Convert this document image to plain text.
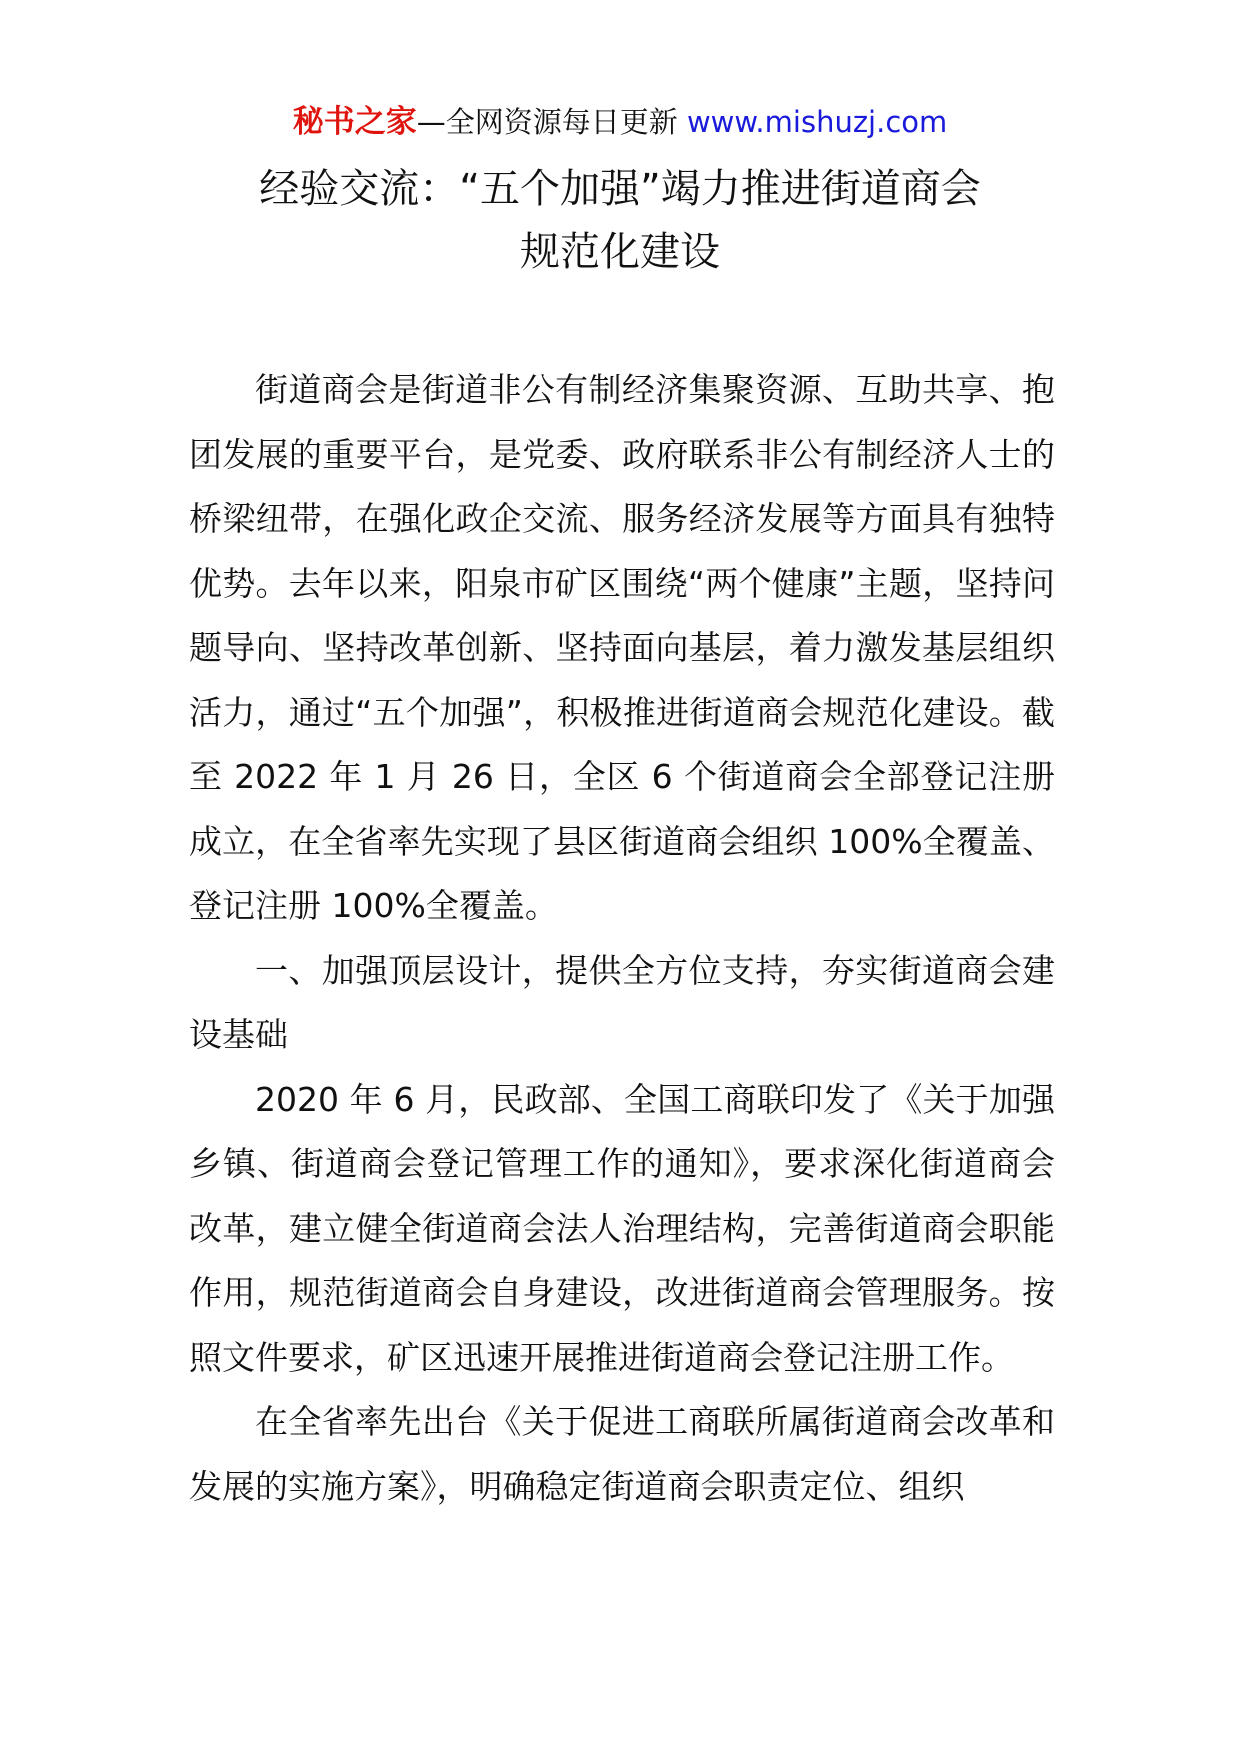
秘书之家—全网资源每日更新 www.mishuzj.com
经验交流：“五个加强”竭力推进街道商会
规范化建设

街道商会是街道非公有制经济集聚资源、互助共享、抱团发展的重要平台，是党委、政府联系非公有制经济人士的桥梁纽带，在强化政企交流、服务经济发展等方面具有独特优势。去年以来，阳泉市矿区围绕“两个健康”主题，坚持问题导向、坚持改革创新、坚持面向基层，着力激发基层组织活力，通过“五个加强”，积极推进街道商会规范化建设。截至 2022 年 1 月 26 日，全区 6 个街道商会全部登记注册成立，在全省率先实现了县区街道商会组织 100%全覆盖、登记注册 100%全覆盖。

一、加强顶层设计，提供全方位支持，夯实街道商会建设基础

2020 年 6 月，民政部、全国工商联印发了《关于加强乡镇、街道商会登记管理工作的通知》，要求深化街道商会改革，建立健全街道商会法人治理结构，完善街道商会职能作用，规范街道商会自身建设，改进街道商会管理服务。按照文件要求，矿区迅速开展推进街道商会登记注册工作。

在全省率先出台《关于促进工商联所属街道商会改革和发展的实施方案》，明确稳定街道商会职责定位、组织
